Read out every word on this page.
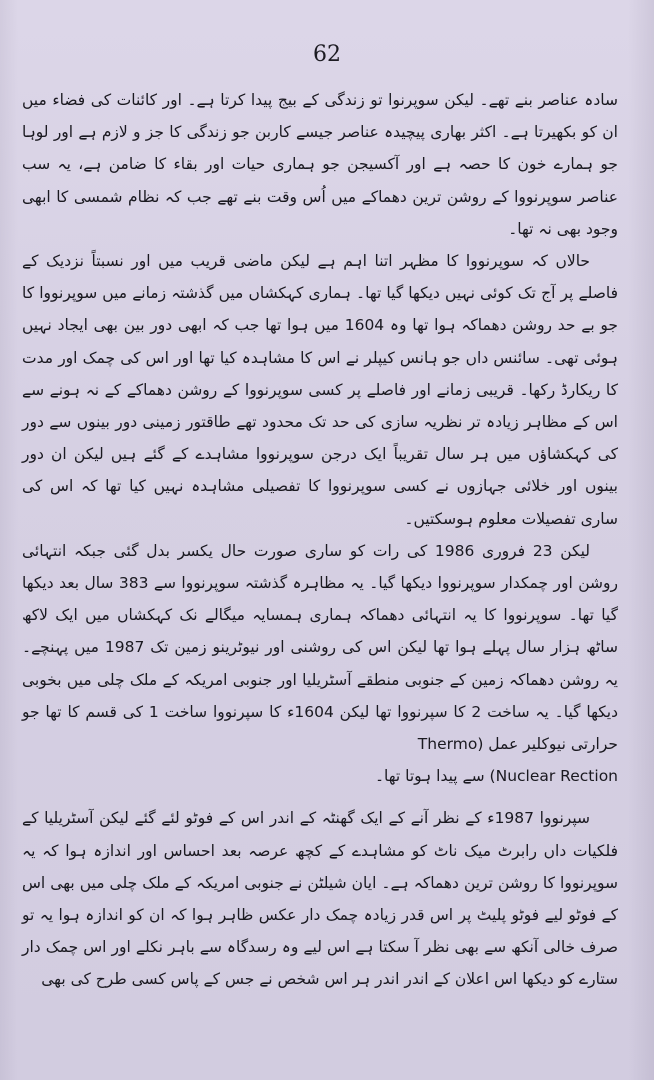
62

سادہ عناصر بنے تھے۔ لیکن سوپرنوا تو زندگی کے بیج پیدا کرتا ہے۔ اور کائنات کی فضاء میں ان کو بکھیرتا ہے۔ اکثر بھاری پیچیدہ عناصر جیسے کاربن جو زندگی کا جز و لازم ہے اور لوہا جو ہمارے خون کا حصہ ہے اور آکسیجن جو ہماری حیات اور بقاء کا ضامن ہے، یہ سب عناصر سوپرنووا کے روشن ترین دھماکے میں اُس وقت بنے تھے جب کہ نظام شمسی کا ابھی وجود بھی نہ تھا۔

حالاں کہ سوپرنووا کا مظہر اتنا اہم ہے لیکن ماضی قریب میں اور نسبتاً نزدیک کے فاصلے پر آج تک کوئی نہیں دیکھا گیا تھا۔ ہماری کہکشاں میں گذشتہ زمانے میں سوپرنووا کا جو بے حد روشن دھماکہ ہوا تھا وہ 1604 میں ہوا تھا جب کہ ابھی دور بین بھی ایجاد نہیں ہوئی تھی۔ سائنس داں جو ہانس کیپلر نے اس کا مشاہدہ کیا تھا اور اس کی چمک اور مدت کا ریکارڈ رکھا۔ قریبی زمانے اور فاصلے پر کسی سوپرنووا کے روشن دھماکے کے نہ ہونے سے اس کے مظاہر زیادہ تر نظریہ سازی کی حد تک محدود تھے طاقتور زمینی دور بینوں سے دور کی کہکشاؤں میں ہر سال تقریباً ایک درجن سوپرنووا مشاہدے کے گئے ہیں لیکن ان دور بینوں اور خلائی جہازوں نے کسی سوپرنووا کا تفصیلی مشاہدہ نہیں کیا تھا کہ اس کی ساری تفصیلات معلوم ہوسکتیں۔

لیکن 23 فروری 1986 کی رات کو ساری صورت حال یکسر بدل گئی جبکہ انتہائی روشن اور چمکدار سوپرنووا دیکھا گیا۔ یہ مظاہرہ گذشتہ سوپرنووا سے 383 سال بعد دیکھا گیا تھا۔ سوپرنووا کا یہ انتہائی دھماکہ ہماری ہمسایہ میگالے نک کہکشاں میں ایک لاکھ ساٹھ ہزار سال پہلے ہوا تھا لیکن اس کی روشنی اور نیوٹرینو زمین تک 1987 میں پہنچے۔ یہ روشن دھماکہ زمین کے جنوبی منطقے آسٹریلیا اور جنوبی امریکہ کے ملک چلی میں بخوبی دیکھا گیا۔ یہ ساخت 2 کا سپرنووا تھا لیکن 1604ء کا سپرنووا ساخت 1 کی قسم کا تھا جو حرارتی نیوکلیر عمل (Thermo

Nuclear Rection) سے پیدا ہوتا تھا۔

سپرنووا 1987ء کے نظر آنے کے ایک گھنٹہ کے اندر اس کے فوٹو لئے گئے لیکن آسٹریلیا کے فلکیات داں رابرٹ میک ناٹ کو مشاہدے کے کچھ عرصہ بعد احساس اور اندازہ ہوا کہ یہ سوپرنووا کا روشن ترین دھماکہ ہے۔ ایان شیلٹن نے جنوبی امریکہ کے ملک چلی میں بھی اس کے فوٹو لیے فوٹو پلیٹ پر اس قدر زیادہ چمک دار عکس ظاہر ہوا کہ ان کو اندازہ ہوا یہ تو صرف خالی آنکھ سے بھی نظر آ سکتا ہے اس لیے وہ رسدگاہ سے باہر نکلے اور اس چمک دار ستارے کو دیکھا اس اعلان کے اندر اندر ہر اس شخص نے جس کے پاس کسی طرح کی بھی
